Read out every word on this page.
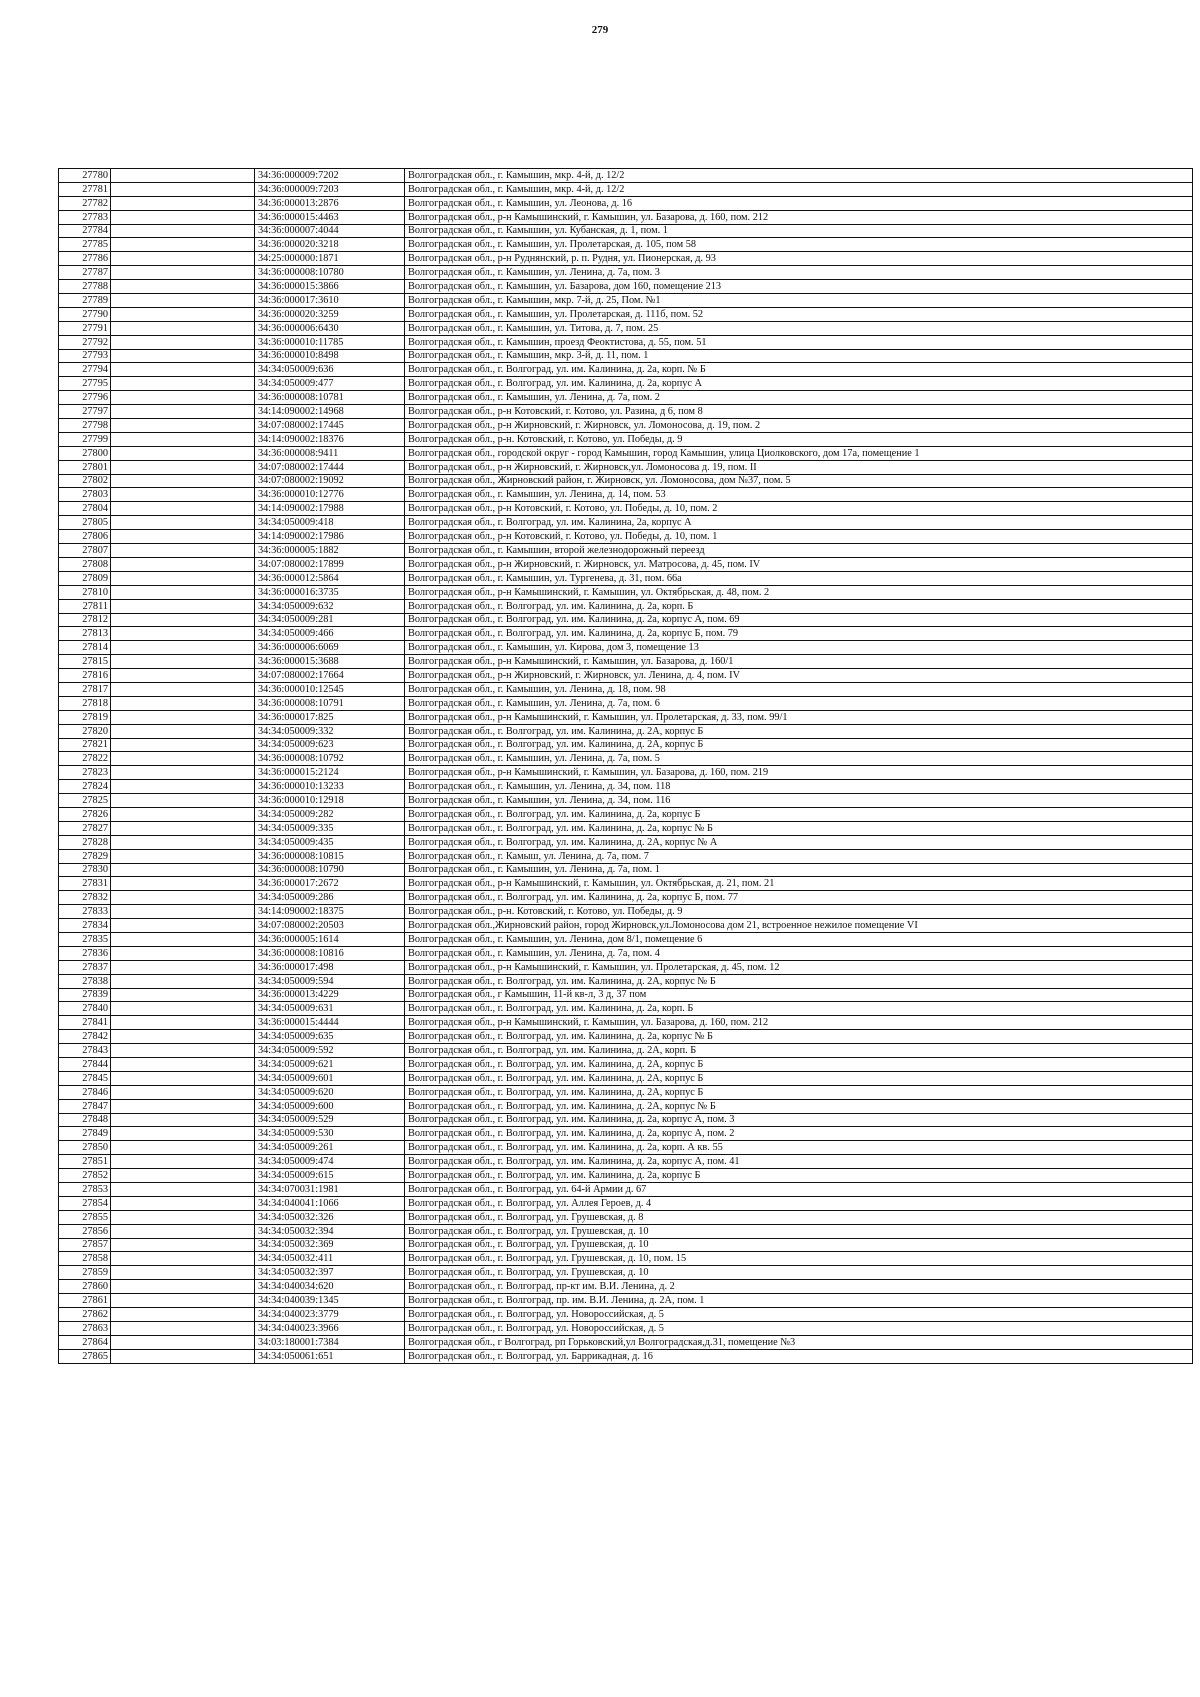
279
27780		34:36:000009:7202	Волгоградская обл., г. Камышин, мкр. 4-й, д. 12/2
27781		34:36:000009:7203	Волгоградская обл., г. Камышин, мкр. 4-й, д. 12/2
27782		34:36:000013:2876	Волгоградская обл., г. Камышин, ул. Леонова, д. 16
27783		34:36:000015:4463	Волгоградская обл., р-н Камышинский, г. Камышин, ул. Базарова, д. 160, пом. 212
27784		34:36:000007:4044	Волгоградская обл., г. Камышин, ул. Кубанская, д. 1, пом. 1
27785		34:36:000020:3218	Волгоградская обл., г. Камышин, ул. Пролетарская, д. 105, пом 58
27786		34:25:000000:1871	Волгоградская обл., р-н Руднянский, р. п. Рудня, ул. Пионерская, д. 93
27787		34:36:000008:10780	Волгоградская обл., г. Камышин, ул. Ленина, д. 7а, пом. 3
27788		34:36:000015:3866	Волгоградская обл., г. Камышин, ул. Базарова, дом 160, помещение 213
27789		34:36:000017:3610	Волгоградская обл., г. Камышин, мкр. 7-й, д. 25, Пом. №1
27790		34:36:000020:3259	Волгоградская обл., г. Камышин, ул. Пролетарская, д. 111б, пом. 52
27791		34:36:000006:6430	Волгоградская обл., г. Камышин, ул. Титова, д. 7, пом. 25
27792		34:36:000010:11785	Волгоградская обл., г. Камышин, проезд Феоктистова, д. 55, пом. 51
27793		34:36:000010:8498	Волгоградская обл., г. Камышин, мкр. 3-й, д. 11, пом. 1
27794		34:34:050009:636	Волгоградская обл., г. Волгоград, ул. им. Калинина, д. 2а, корп. № Б
27795		34:34:050009:477	Волгоградская обл., г. Волгоград, ул. им. Калинина, д. 2а, корпус А
27796		34:36:000008:10781	Волгоградская обл., г. Камышин, ул. Ленина, д. 7а, пом. 2
27797		34:14:090002:14968	Волгоградская обл., р-н Котовский, г. Котово, ул. Разина, д 6, пом 8
27798		34:07:080002:17445	Волгоградская обл., р-н Жирновский, г. Жирновск, ул. Ломоносова, д. 19, пом. 2
27799		34:14:090002:18376	Волгоградская обл., р-н. Котовский, г. Котово, ул. Победы, д. 9
27800		34:36:000008:9411	Волгоградская обл., городской округ - город Камышин, город Камышин, улица Циолковского, дом 17а, помещение 1
27801		34:07:080002:17444	Волгоградская обл., р-н Жирновский, г. Жирновск,ул. Ломоносова д. 19, пом. II
27802		34:07:080002:19092	Волгоградская обл., Жирновский район, г. Жирновск, ул. Ломоносова, дом №37, пом. 5
27803		34:36:000010:12776	Волгоградская обл., г. Камышин, ул. Ленина, д. 14, пом. 53
27804		34:14:090002:17988	Волгоградская обл., р-н Котовский, г. Котово, ул. Победы, д. 10, пом. 2
27805		34:34:050009:418	Волгоградская обл., г. Волгоград, ул. им. Калинина, 2а, корпус А
27806		34:14:090002:17986	Волгоградская обл., р-н Котовский, г. Котово, ул. Победы, д. 10, пом. 1
27807		34:36:000005:1882	Волгоградская обл., г. Камышин, второй железнодорожный переезд
27808		34:07:080002:17899	Волгоградская обл., р-н Жирновский, г. Жирновск, ул. Матросова, д. 45, пом. IV
27809		34:36:000012:5864	Волгоградская обл., г. Камышин, ул. Тургенева, д. 31, пом. 66а
27810		34:36:000016:3735	Волгоградская обл., р-н Камышинский, г. Камышин, ул. Октябрьская, д. 48, пом. 2
27811		34:34:050009:632	Волгоградская обл., г. Волгоград, ул. им. Калинина, д. 2а, корп. Б
27812		34:34:050009:281	Волгоградская обл., г. Волгоград, ул. им. Калинина, д. 2а, корпус А, пом. 69
27813		34:34:050009:466	Волгоградская обл., г. Волгоград, ул. им. Калинина, д. 2а, корпус Б, пом. 79
27814		34:36:000006:6069	Волгоградская обл., г. Камышин, ул. Кирова, дом 3, помещение 13
27815		34:36:000015:3688	Волгоградская обл., р-н Камышинский, г. Камышин, ул. Базарова, д. 160/1
27816		34:07:080002:17664	Волгоградская обл., р-н Жирновский, г. Жирновск, ул. Ленина, д. 4, пом. IV
27817		34:36:000010:12545	Волгоградская обл., г. Камышин, ул. Ленина, д. 18, пом. 98
27818		34:36:000008:10791	Волгоградская обл., г. Камышин, ул. Ленина, д. 7а, пом. 6
27819		34:36:000017:825	Волгоградская обл., р-н Камышинский, г. Камышин, ул. Пролетарская, д. 33, пом. 99/1
27820		34:34:050009:332	Волгоградская обл., г. Волгоград, ул. им. Калинина, д. 2А, корпус Б
27821		34:34:050009:623	Волгоградская обл., г. Волгоград, ул. им. Калинина, д. 2А, корпус Б
27822		34:36:000008:10792	Волгоградская обл., г. Камышин, ул. Ленина, д. 7а, пом. 5
27823		34:36:000015:2124	Волгоградская обл., р-н Камышинский, г. Камышин, ул. Базарова, д. 160, пом. 219
27824		34:36:000010:13233	Волгоградская обл., г. Камышин, ул. Ленина, д. 34, пом. 118
27825		34:36:000010:12918	Волгоградская обл., г. Камышин, ул. Ленина, д. 34, пом. 116
27826		34:34:050009:282	Волгоградская обл., г. Волгоград, ул. им. Калинина, д. 2а, корпус Б
27827		34:34:050009:335	Волгоградская обл., г. Волгоград, ул. им. Калинина, д. 2а, корпус № Б
27828		34:34:050009:435	Волгоградская обл., г. Волгоград, ул. им. Калинина, д. 2А, корпус № А
27829		34:36:000008:10815	Волгоградская обл., г. Камыш, ул. Ленина, д. 7а, пом. 7
27830		34:36:000008:10790	Волгоградская обл., г. Камышин, ул. Ленина, д. 7а, пом. 1
27831		34:36:000017:2672	Волгоградская обл., р-н Камышинский, г. Камышин, ул. Октябрьская, д. 21, пом. 21
27832		34:34:050009:286	Волгоградская обл., г. Волгоград, ул. им. Калинина, д. 2а, корпус Б, пом. 77
27833		34:14:090002:18375	Волгоградская обл., р-н. Котовский, г. Котово, ул. Победы, д. 9
27834		34:07:080002:20503	Волгоградская обл.,Жирновский район, город Жирновск,ул.Ломоносова дом 21, встроенное нежилое помещение VI
27835		34:36:000005:1614	Волгоградская обл., г. Камышин, ул. Ленина, дом 8/1, помещение 6
27836		34:36:000008:10816	Волгоградская обл., г. Камышин, ул. Ленина, д. 7а, пом. 4
27837		34:36:000017:498	Волгоградская обл., р-н Камышинский, г. Камышин, ул. Пролетарская, д. 45, пом. 12
27838		34:34:050009:594	Волгоградская обл., г. Волгоград, ул. им. Калинина, д. 2А, корпус № Б
27839		34:36:000013:4229	Волгоградская обл., г Камышин, 11-й кв-л, 3 д, 37 пом
27840		34:34:050009:631	Волгоградская обл., г. Волгоград, ул. им. Калинина, д. 2а, корп. Б
27841		34:36:000015:4444	Волгоградская обл., р-н Камышинский, г. Камышин, ул. Базарова, д. 160, пом. 212
27842		34:34:050009:635	Волгоградская обл., г. Волгоград, ул. им. Калинина, д. 2а, корпус № Б
27843		34:34:050009:592	Волгоградская обл., г. Волгоград, ул. им. Калинина, д. 2А, корп. Б
27844		34:34:050009:621	Волгоградская обл., г. Волгоград, ул. им. Калинина, д. 2А, корпус Б
27845		34:34:050009:601	Волгоградская обл., г. Волгоград, ул. им. Калинина, д. 2А, корпус Б
27846		34:34:050009:620	Волгоградская обл., г. Волгоград, ул. им. Калинина, д. 2А, корпус Б
27847		34:34:050009:600	Волгоградская обл., г. Волгоград, ул. им. Калинина, д. 2А, корпус № Б
27848		34:34:050009:529	Волгоградская обл., г. Волгоград, ул. им. Калинина, д. 2а, корпус А, пом. 3
27849		34:34:050009:530	Волгоградская обл., г. Волгоград, ул. им. Калинина, д. 2а, корпус А, пом. 2
27850		34:34:050009:261	Волгоградская обл., г. Волгоград, ул. им. Калинина, д. 2а, корп. А кв. 55
27851		34:34:050009:474	Волгоградская обл., г. Волгоград, ул. им. Калинина, д. 2а, корпус А, пом. 41
27852		34:34:050009:615	Волгоградская обл., г. Волгоград, ул. им. Калинина, д. 2а, корпус Б
27853		34:34:070031:1981	Волгоградская обл., г. Волгоград, ул. 64-й Армии д. 67
27854		34:34:040041:1066	Волгоградская обл., г. Волгоград, ул. Аллея Героев, д. 4
27855		34:34:050032:326	Волгоградская обл., г. Волгоград, ул. Грушевская, д. 8
27856		34:34:050032:394	Волгоградская обл., г. Волгоград, ул. Грушевская, д. 10
27857		34:34:050032:369	Волгоградская обл., г. Волгоград, ул. Грушевская, д. 10
27858		34:34:050032:411	Волгоградская обл., г. Волгоград, ул. Грушевская, д. 10, пом. 15
27859		34:34:050032:397	Волгоградская обл., г. Волгоград, ул. Грушевская, д. 10
27860		34:34:040034:620	Волгоградская обл., г. Волгоград, пр-кт им. В.И. Ленина, д. 2
27861		34:34:040039:1345	Волгоградская обл., г. Волгоград, пр. им. В.И. Ленина, д. 2А, пом. 1
27862		34:34:040023:3779	Волгоградская обл., г. Волгоград, ул. Новороссийская, д. 5
27863		34:34:040023:3966	Волгоградская обл., г. Волгоград, ул. Новороссийская, д. 5
27864		34:03:180001:7384	Волгоградская обл., г Волгоград, рп Горьковский,ул Волгоградская,д.31, помещение №3
27865		34:34:050061:651	Волгоградская обл., г. Волгоград, ул. Баррикадная, д. 16
